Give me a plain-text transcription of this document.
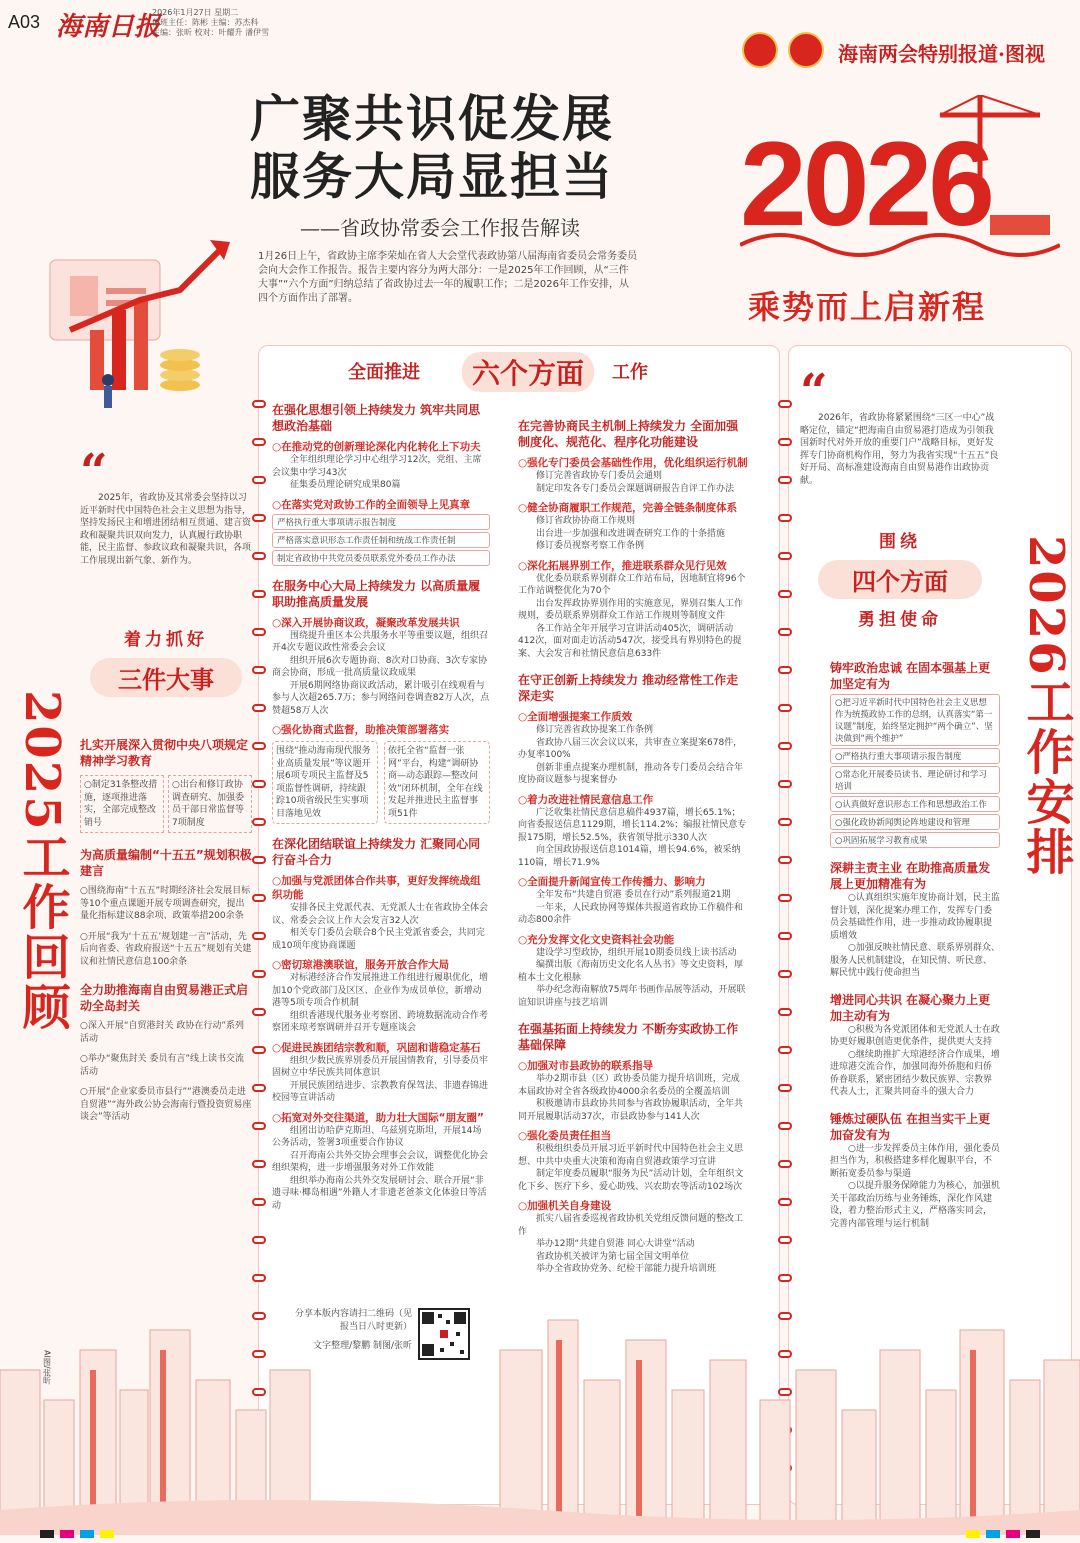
A03 海南日报
2026年1月27日 星期二
值班主任：陈彬 主编：苏杰科
主编：张昕 校对：叶耀升 潘伊雪
海南两会特别报道·图视
广聚共识促发展
服务大局显担当
——省政协常委会工作报告解读
1月26日上午，省政协主席李荣灿在省人大会堂代表政协第八届海南省委员会常务委员会向大会作工作报告。报告主要内容分为两大部分：一是2025年工作回顾，从“三件大事”“六个方面”归纳总结了省政协过去一年的履职工作；二是2026年工作安排，从四个方面作出了部署。
2026
乘势而上启新程
2025工作回顾
“

2025年，省政协及其常委会坚持以习近平新时代中国特色社会主义思想为指导，坚持发扬民主和增进团结相互贯通、建言资政和凝聚共识双向发力，认真履行政协职能，民主监督、参政议政和凝聚共识，各项工作展现出新气象、新作为。

着力抓好
三件大事
扎实开展深入贯彻中央八项规定精神学习教育
○制定31条整改措施，逐项推进落实，全部完成整改销号
○出台和修订政协调查研究、加强委员干部日常监督等7项制度
为高质量编制“十五五”规划积极建言

○围绕海南“十五五”时期经济社会发展目标等10个重点课题开展专项调查研究，提出量化指标建议88余项、政策举措200余条

○开展“我为‘十五五’规划建一言”活动，先后向省委、省政府报送“十五五”规划有关建议和社情民意信息100余条

全力助推海南自由贸易港正式启动全岛封关

○深入开展“自贸港封关 政协在行动”系列活动

○举办“聚焦封关 委员有言”线上读书交流活动

○开展“企业家委员市县行”“港澳委员走进自贸港”“海外政公协会海南行暨投资贸易座谈会”等活动

全面推进	六个方面	工作
在强化思想引领上持续发力 筑牢共同思想政治基础
○在推动党的创新理论深化内化转化上下功夫
全年组织理论学习中心组学习12次，党组、主席会议集中学习43次
征集委员理论研究成果80篇
○在落实党对政协工作的全面领导上见真章
严格执行重大事项请示报告制度
严格落实意识形态工作责任制和统战工作责任制
制定省政协中共党员委员联系党外委员工作办法
在服务中心大局上持续发力 以高质量履职助推高质量发展
○深入开展协商议政，凝聚改革发展共识
围绕提升重区本公共服务水平等重要议题，组织召开4次专题议政性常委会会议
组织开展6次专题协商、8次对口协商、3次专家协商会协商，形成一批高质量议政成果
开展6期网络协商议政活动，累计吸引在线观看与参与人次超265.7万；参与网络问卷调查82万人次，点赞超58万人次
○强化协商式监督，助推决策部署落实
围绕“推动海南现代服务业高质量发展”等议题开展6项专项民主监督及5项监督性调研，持续跟踪10项省级民生实事项目落地见效
依托全省“监督一张网”平台，构建“调研协商—动态跟踪—整改问效”闭环机制，全年在线发起并推进民主监督事项51件
在深化团结联谊上持续发力 汇聚同心同行奋斗合力
○加强与党派团体合作共事，更好发挥统战组织功能
安排各民主党派代表、无党派人士在省政协全体会议、常委会会议上作大会发言32人次
相关专门委员会联合8个民主党派省委会，共同完成10项年度协商课题
○密切琼港澳联谊，服务开放合作大局
对标港经济合作发展推进工作组进行履职优化，增加10个党政部门及区区、企业作为成员单位，新增动港等5项专项合作机制
组织香港现代服务业考察团、跨境数据流动合作考察团来琼考察调研并召开专题座谈会
○促进民族团结宗教和顺，巩固和谐稳定基石
组织少数民族界别委员开展国情教育，引导委员牢固树立中华民族共同体意识
开展民族团结进步、宗教教育保驾法、非遗春锦进校园等宣讲活动
○拓宽对外交往渠道，助力壮大国际“朋友圈”
组团出访哈萨克斯坦、乌兹别克斯坦，开展14场公务活动，签署3项重要合作协议
召开海南公共外交协会理事会会议，调整优化协会组织架构，进一步增强服务对外工作效能
组织举办海南公共外交发展研讨会、联合开展“非遗寻味·椰岛相遇”外籍人才非遗老爸茶文化体验日等活动
在完善协商民主机制上持续发力 全面加强制度化、规范化、程序化功能建设
○强化专门委员会基础性作用，优化组织运行机制
修订完善省政协专门委员会通则
制定印发各专门委员会课题调研报告自评工作办法
○健全协商履职工作规范，完善全链条制度体系
修订省政协协商工作规则
出台进一步加强和改进调查研究工作的十条措施
修订委员视察考察工作条例
○深化拓展界别工作，推进联系群众见行见效
优化委员联系界别群众工作站布局，因地制宜将96个工作站调整优化为70个
出台发挥政协界别作用的实施意见，界别召集人工作规则，委员联系界别群众工作站工作规则等制度文件
各工作站全年开展学习宣讲活动405次，调研活动412次，面对面走访活动547次，接受具有界别特色的提案、大会发言和社情民意信息633件
在守正创新上持续发力 推动经常性工作走深走实
○全面增强提案工作质效
修订完善省政协提案工作条例
省政协八届三次会议以来，共审查立案提案678件，办复率100%
创新非重点提案办理机制，推动各专门委员会结合年度协商议题参与提案督办
○着力改进社情民意信息工作
广泛收集社情民意信息稿件4937篇，增长65.1%；向省委报送信息1129期，增长114.2%；编报社情民意专报175期，增长52.5%，获省领导批示330人次
向全国政协报送信息1014篇，增长94.6%，被采纳110篇，增长71.9%
○全面提升新闻宣传工作传播力、影响力
全年发布“共建自贸港 委员在行动”系列报道21期
一年来，人民政协网等媒体共报道省政协工作稿件和动态800余件
○充分发挥文化文史资料社会功能
建设学习型政协，组织开展10期委员线上读书活动
编撰出版《海南历史文化名人丛书》等文史资料，厚植本土文化根脉
举办纪念海南解放75周年书画作品展等活动，开展联谊知识讲座与技艺培训
在强基拓面上持续发力 不断夯实政协工作基础保障
○加强对市县政协的联系指导
举办2期市县（区）政协委员能力提升培训班，完成本届政协对全省各级政协4000余名委员的全覆盖培训
积极邀请市县政协共同参与省政协履职活动，全年共同开展履职活动37次，市县政协参与141人次
○强化委员责任担当
积极组织委员开展习近平新时代中国特色社会主义思想、中共中央重大决策和海南自贸港政策学习宣讲
制定年度委员履职“服务为民”活动计划，全年组织文化下乡、医疗下乡、爱心助残、兴农助农等活动102场次
○加强机关自身建设
抓实八届省委巡视省政协机关党组反馈问题的整改工作
举办12期“共建自贸港 同心大讲堂”活动
省政协机关被评为第七届全国文明单位
举办全省政协党务、纪检干部能力提升培训班
分享本版内容请扫二维码（见报当日八时更新）
文字整理/黎鹏 制图/张昕
“

2026年，省政协将紧紧围绕“三区一中心”战略定位，锚定“把海南自由贸易港打造成为引领我国新时代对外开放的重要门户”战略目标，更好发挥专门协商机构作用，努力为我省实现“十五五”良好开局、高标准建设海南自由贸易港作出政协贡献。

围绕
四个方面
勇担使命
铸牢政治忠诚 在固本强基上更加坚定有为
○把习近平新时代中国特色社会主义思想作为统揽政协工作的总纲，认真落实“第一议题”制度，始终坚定拥护“两个确立”、坚决做到“两个维护”
○严格执行重大事项请示报告制度
○常态化开展委员读书、理论研讨和学习培训
○认真做好意识形态工作和思想政治工作
○强化政协新闻舆论阵地建设和管理
○巩固拓展学习教育成果
深耕主责主业 在助推高质量发展上更加精准有为
○认真组织实施年度协商计划，民主监督计划，深化提案办理工作，发挥专门委员会基础性作用，进一步推动政协履职提质增效
○加强反映社情民意、联系界别群众、服务人民机制建设，在知民情、听民意、解民忧中践行使命担当
增进同心共识 在凝心聚力上更加主动有为
○积极为各党派团体和无党派人士在政协更好履职创造更优条件，提供更大支持
○继续助推扩大琼港经济合作成果，增进琼港交流合作，加强同海外侨胞和归侨侨眷联系，紧密团结少数民族界、宗教界代表人士，汇聚共同奋斗的强大合力
锤炼过硬队伍 在担当实干上更加奋发有为
○进一步发挥委员主体作用，强化委员担当作为，积极搭建多样化履职平台，不断拓宽委员参与渠道
○以提升服务保障能力为核心，加强机关干部政治历练与业务锤炼，深化作风建设，着力整治形式主义，严格落实同会，完善内部管理与运行机制
2026工作安排
AI图/张昕
